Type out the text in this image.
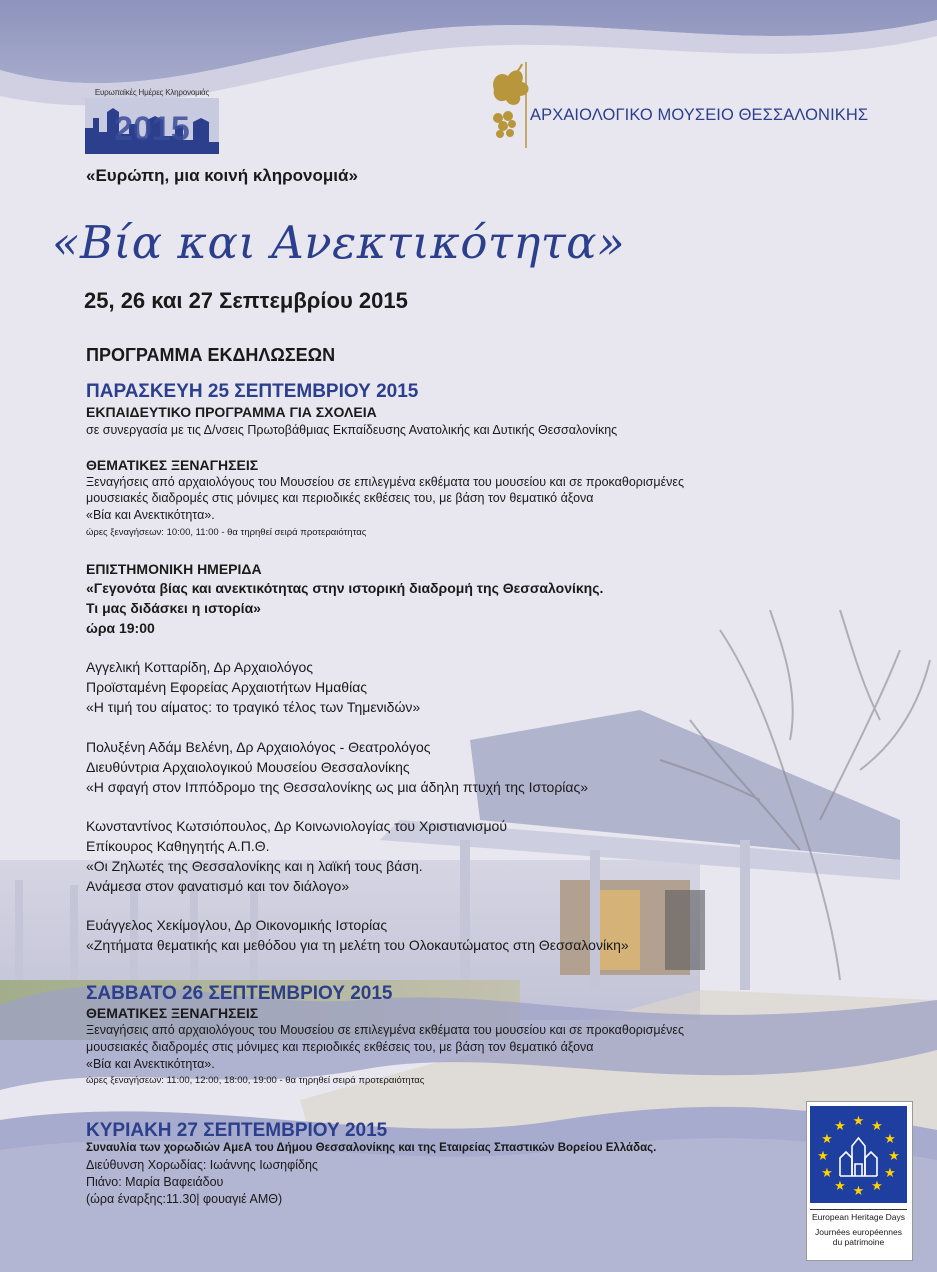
Ευρωπαϊκές Ημέρες Κληρονομιάς
2015	ΑΡΧΑΙΟΛΟΓΙΚΟ ΜΟΥΣΕΙΟ ΘΕΣΣΑΛΟΝΙΚΗΣ
«Ευρώπη, μια κοινή κληρονομιά»
«Βία και Ανεκτικότητα»
25, 26 και 27 Σεπτεμβρίου 2015
ΠΡΟΓΡΑΜΜΑ ΕΚΔΗΛΩΣΕΩΝ
ΠΑΡΑΣΚΕΥΗ 25 ΣΕΠΤΕΜΒΡΙΟΥ 2015
ΕΚΠΑΙΔΕΥΤΙΚΟ ΠΡΟΓΡΑΜΜΑ ΓΙΑ ΣΧΟΛΕΙΑ
σε συνεργασία με τις Δ/νσεις Πρωτοβάθμιας Εκπαίδευσης Ανατολικής και Δυτικής Θεσσαλονίκης
ΘΕΜΑΤΙΚΕΣ ΞΕΝΑΓΗΣΕΙΣ
Ξεναγήσεις από αρχαιολόγους του Μουσείου σε επιλεγμένα εκθέματα του μουσείου και σε προκαθορισμένες
μουσειακές διαδρομές στις μόνιμες και περιοδικές εκθέσεις του, με βάση τον θεματικό άξονα
«Βία και Ανεκτικότητα».
ώρες ξεναγήσεων: 10:00, 11:00 - θα τηρηθεί σειρά προτεραιότητας
ΕΠΙΣΤΗΜΟΝΙΚΗ ΗΜΕΡΙΔΑ
«Γεγονότα βίας και ανεκτικότητας στην ιστορική διαδρομή της Θεσσαλονίκης.
Τι μας διδάσκει η ιστορία»
ώρα 19:00
Αγγελική Κοτταρίδη, Δρ Αρχαιολόγος
Προϊσταμένη Εφορείας Αρχαιοτήτων Ημαθίας
«Η τιμή του αίματος: το τραγικό τέλος των Τημενιδών»
Πολυξένη Αδάμ Βελένη, Δρ Αρχαιολόγος - Θεατρολόγος
Διευθύντρια Αρχαιολογικού Μουσείου Θεσσαλονίκης
«Η σφαγή στον Ιππόδρομο της Θεσσαλονίκης ως μια άδηλη πτυχή της Ιστορίας»
Κωνσταντίνος Κωτσιόπουλος, Δρ Κοινωνιολογίας του Χριστιανισμού
Επίκουρος Καθηγητής Α.Π.Θ.
«Οι Ζηλωτές της Θεσσαλονίκης και η λαϊκή τους βάση.
Ανάμεσα στον φανατισμό και τον διάλογο»
Ευάγγελος Χεκίμογλου, Δρ Οικονομικής Ιστορίας
«Ζητήματα θεματικής και μεθόδου για τη μελέτη του Ολοκαυτώματος στη Θεσσαλονίκη»
ΣΑΒΒΑΤΟ 26 ΣΕΠΤΕΜΒΡΙΟΥ 2015
ΘΕΜΑΤΙΚΕΣ ΞΕΝΑΓΗΣΕΙΣ
Ξεναγήσεις από αρχαιολόγους του Μουσείου σε επιλεγμένα εκθέματα του μουσείου και σε προκαθορισμένες
μουσειακές διαδρομές στις μόνιμες και περιοδικές εκθέσεις του, με βάση τον θεματικό άξονα
«Βία και Ανεκτικότητα».
ώρες ξεναγήσεων: 11:00, 12:00, 18:00, 19:00 - θα τηρηθεί σειρά προτεραιότητας
ΚΥΡΙΑΚΗ 27 ΣΕΠΤΕΜΒΡΙΟΥ 2015
Συναυλία των χορωδιών ΑμεΑ του Δήμου Θεσσαλονίκης και της Εταιρείας Σπαστικών Βορείου Ελλάδας.
Διεύθυνση Χορωδίας: Ιωάννης Ιωσηφίδης
Πιάνο: Μαρία Βαφειάδου
(ώρα έναρξης:11.30| φουαγιέ ΑΜΘ)
★ ★
★
★
★
★
★
★
★
★
★
★
European Heritage Days
Journées européennes
du patrimoine
